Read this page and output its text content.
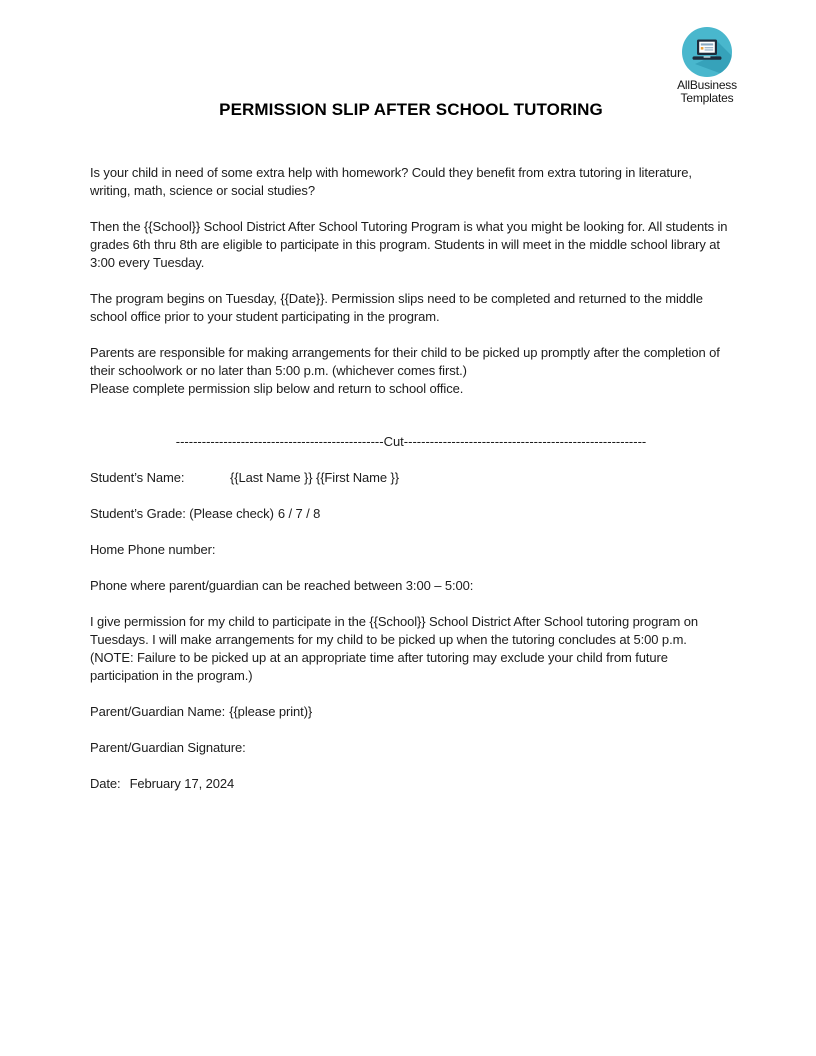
AllBusiness
Templates
PERMISSION SLIP AFTER SCHOOL TUTORING

Is your child in need of some extra help with homework? Could they benefit from extra tutoring in literature, writing, math, science or social studies?

Then the {{School}} School District After School Tutoring Program is what you might be looking for. All students in grades 6th thru 8th are eligible to participate in this program. Students in will meet in the middle school library at 3:00 every Tuesday.

The program begins on Tuesday, {{Date}}. Permission slips need to be completed and returned to the middle school office prior to your student participating in the program.

Parents are responsible for making arrangements for their child to be picked up promptly after the completion of their schoolwork or no later than 5:00 p.m. (whichever comes first.)
Please complete permission slip below and return to school office.

------------------------------------------------Cut--------------------------------------------------------
Student’s Name:	{{Last Name }} {{First Name }}
Student’s Grade: (Please check) 6 / 7 / 8
Home Phone number:
Phone where parent/guardian can be reached between 3:00 – 5:00:

I give permission for my child to participate in the {{School}} School District After School tutoring program on Tuesdays. I will make arrangements for my child to be picked up when the tutoring concludes at 5:00 p.m. (NOTE: Failure to be picked up at an appropriate time after tutoring may exclude your child from future participation in the program.)

Parent/Guardian Name: {{please print)}
Parent/Guardian Signature:
Date: February 17, 2024
